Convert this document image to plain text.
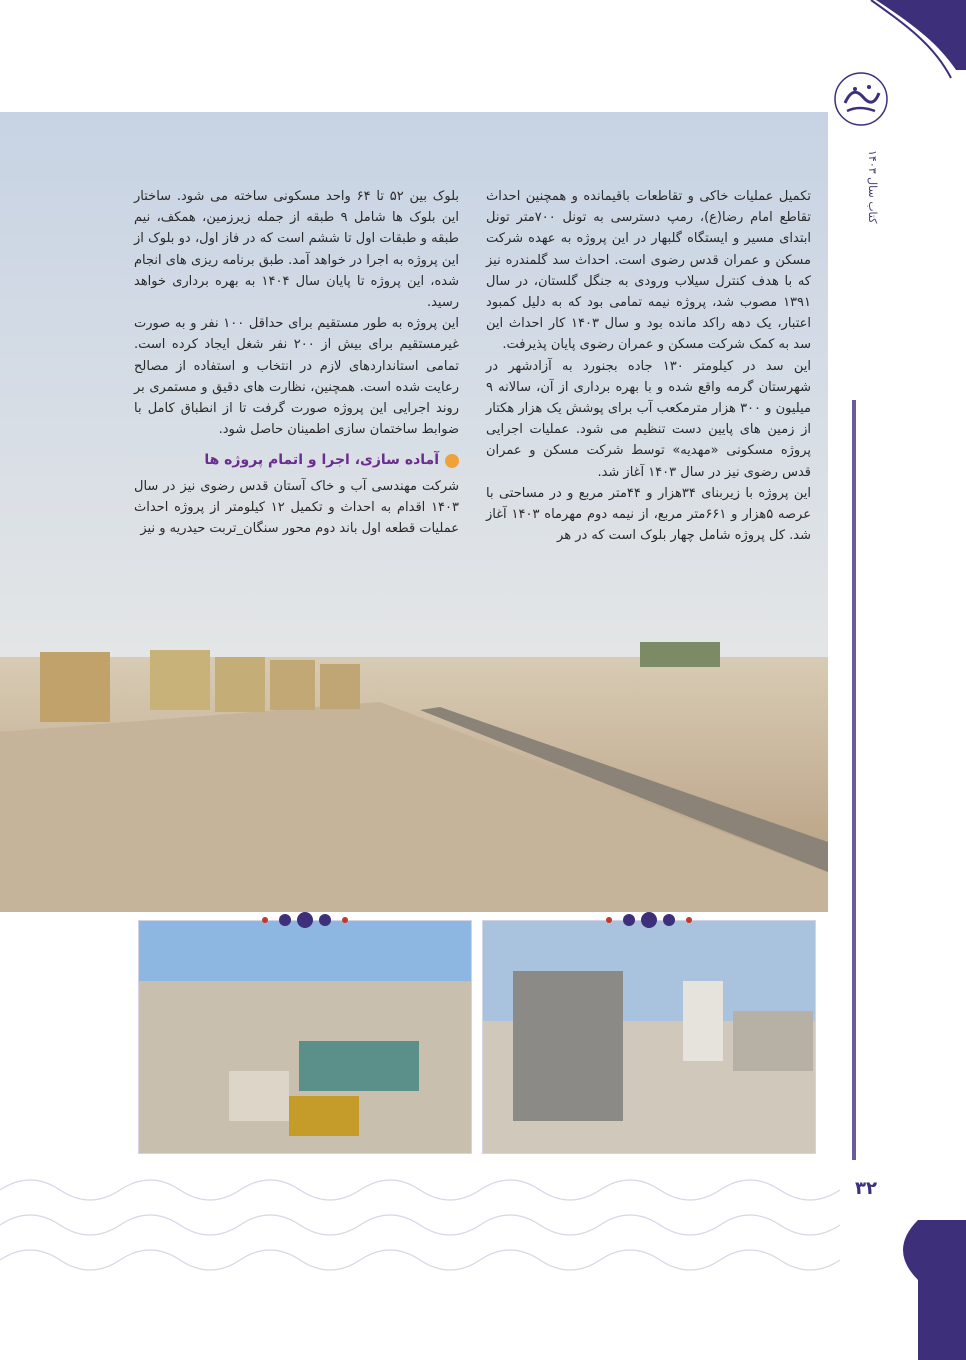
کتاب سال ۱۴۰۳

تکمیل عملیات خاکی و تقاطعات باقیمانده و همچنین احداث تقاطع امام رضا(ع)، رمپ دسترسی به تونل ۷۰۰متر تونل ابتدای مسیر و ایستگاه گلبهار در این پروژه به عهده شرکت مسکن و عمران قدس رضوی است. احداث سد گلمندره نیز که با هدف کنترل سیلاب ورودی به جنگل گلستان، در سال ۱۳۹۱ مصوب شد، پروژه نیمه تمامی بود که به دلیل کمبود اعتبار، یک دهه راکد مانده بود و سال ۱۴۰۳ کار احداث این سد به کمک شرکت مسکن و عمران رضوی پایان پذیرفت.

این سد در کیلومتر ۱۳۰ جاده بجنورد به آزادشهر در شهرستان گرمه واقع شده و با بهره برداری از آن، سالانه ۹ میلیون و ۳۰۰ هزار مترمکعب آب برای پوشش یک هزار هکتار از زمین های پایین دست تنظیم می شود. عملیات اجرایی پروژه مسکونی «مهدیه» توسط شرکت مسکن و عمران قدس رضوی نیز در سال ۱۴۰۳ آغاز شد.

این پروژه با زیربنای ۳۴هزار و ۴۴متر مربع و در مساحتی با عرصه ۵هزار و ۶۶۱متر مربع، از نیمه دوم مهرماه ۱۴۰۳ آغاز شد. کل پروژه شامل چهار بلوک است که در هر

بلوک بین ۵۲ تا ۶۴ واحد مسکونی ساخته می شود. ساختار این بلوک ها شامل ۹ طبقه از جمله زیرزمین، همکف، نیم طبقه و طبقات اول تا ششم است که در فاز اول، دو بلوک از این پروژه به اجرا در خواهد آمد. طبق برنامه ریزی های انجام شده، این پروژه تا پایان سال ۱۴۰۴ به بهره برداری خواهد رسید.

این پروژه به طور مستقیم برای حداقل ۱۰۰ نفر و به صورت غیرمستقیم برای بیش از ۲۰۰ نفر شغل ایجاد کرده است. تمامی استانداردهای لازم در انتخاب و استفاده از مصالح رعایت شده است. همچنین، نظارت های دقیق و مستمری بر روند اجرایی این پروژه صورت گرفت تا از انطباق کامل با ضوابط ساختمان سازی اطمینان حاصل شود.

آماده سازی، اجرا و اتمام پروژه ها

شرکت مهندسی آب و خاک آستان قدس رضوی نیز در سال ۱۴۰۳ اقدام به احداث و تکمیل ۱۲ کیلومتر از پروژه احداث عملیات قطعه اول باند دوم محور سنگان_تربت حیدریه و نیز

۳۲
